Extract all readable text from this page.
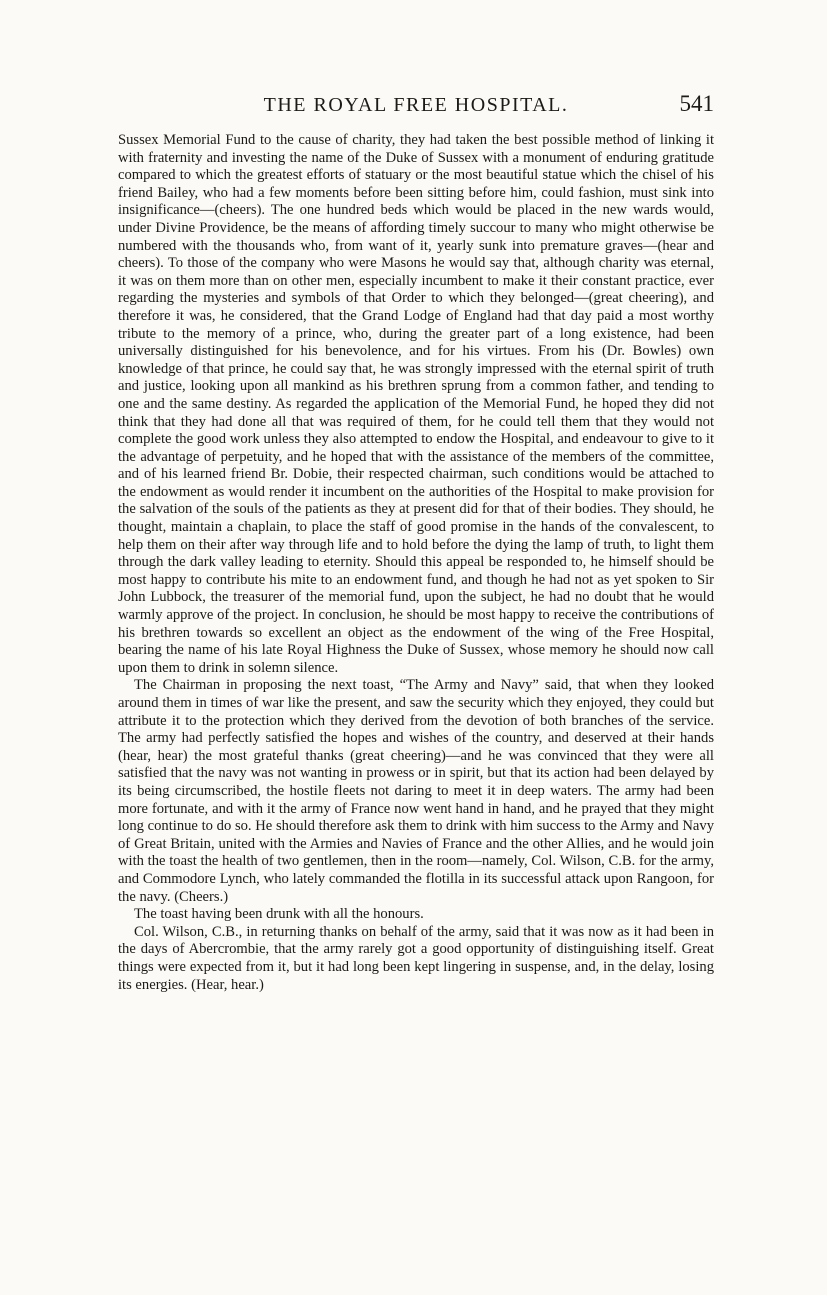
THE ROYAL FREE HOSPITAL.	541

Sussex Memorial Fund to the cause of charity, they had taken the best possible method of linking it with fraternity and investing the name of the Duke of Sussex with a monument of enduring gratitude compared to which the greatest efforts of statuary or the most beautiful statue which the chisel of his friend Bailey, who had a few moments before been sitting before him, could fashion, must sink into insignificance—(cheers). The one hundred beds which would be placed in the new wards would, under Divine Providence, be the means of affording timely succour to many who might otherwise be numbered with the thousands who, from want of it, yearly sunk into premature graves—(hear and cheers). To those of the company who were Masons he would say that, although charity was eternal, it was on them more than on other men, especially incumbent to make it their constant practice, ever regarding the mysteries and symbols of that Order to which they belonged—(great cheering), and therefore it was, he considered, that the Grand Lodge of England had that day paid a most worthy tribute to the memory of a prince, who, during the greater part of a long existence, had been universally distinguished for his benevolence, and for his virtues. From his (Dr. Bowles) own knowledge of that prince, he could say that, he was strongly impressed with the eternal spirit of truth and justice, looking upon all mankind as his brethren sprung from a common father, and tending to one and the same destiny. As regarded the application of the Memorial Fund, he hoped they did not think that they had done all that was required of them, for he could tell them that they would not complete the good work unless they also attempted to endow the Hospital, and endeavour to give to it the advantage of perpetuity, and he hoped that with the assistance of the members of the committee, and of his learned friend Br. Dobie, their respected chairman, such conditions would be attached to the endowment as would render it incumbent on the authorities of the Hospital to make provision for the salvation of the souls of the patients as they at present did for that of their bodies. They should, he thought, maintain a chaplain, to place the staff of good promise in the hands of the convalescent, to help them on their after way through life and to hold before the dying the lamp of truth, to light them through the dark valley leading to eternity. Should this appeal be responded to, he himself should be most happy to contribute his mite to an endowment fund, and though he had not as yet spoken to Sir John Lubbock, the treasurer of the memorial fund, upon the subject, he had no doubt that he would warmly approve of the project. In conclusion, he should be most happy to receive the contributions of his brethren towards so excellent an object as the endowment of the wing of the Free Hospital, bearing the name of his late Royal Highness the Duke of Sussex, whose memory he should now call upon them to drink in solemn silence.

The Chairman in proposing the next toast, “The Army and Navy” said, that when they looked around them in times of war like the present, and saw the security which they enjoyed, they could but attribute it to the protection which they derived from the devotion of both branches of the service. The army had perfectly satisfied the hopes and wishes of the country, and deserved at their hands (hear, hear) the most grateful thanks (great cheering)—and he was convinced that they were all satisfied that the navy was not wanting in prowess or in spirit, but that its action had been delayed by its being circumscribed, the hostile fleets not daring to meet it in deep waters. The army had been more fortunate, and with it the army of France now went hand in hand, and he prayed that they might long continue to do so. He should therefore ask them to drink with him success to the Army and Navy of Great Britain, united with the Armies and Navies of France and the other Allies, and he would join with the toast the health of two gentlemen, then in the room—namely, Col. Wilson, C.B. for the army, and Commodore Lynch, who lately commanded the flotilla in its successful attack upon Rangoon, for the navy. (Cheers.)

The toast having been drunk with all the honours.

Col. Wilson, C.B., in returning thanks on behalf of the army, said that it was now as it had been in the days of Abercrombie, that the army rarely got a good opportunity of distinguishing itself. Great things were expected from it, but it had long been kept lingering in suspense, and, in the delay, losing its energies. (Hear, hear.)
